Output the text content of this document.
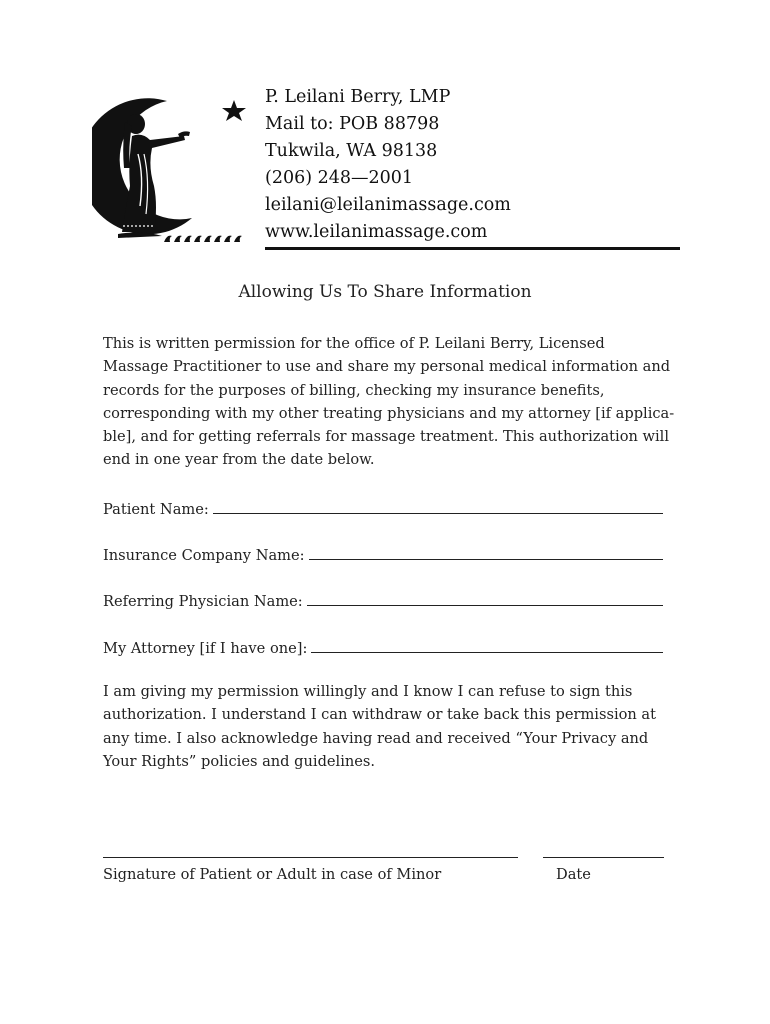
P. Leilani Berry, LMP
Mail to: POB 88798
Tukwila, WA 98138
(206) 248—2001
leilani@leilanimassage.com
www.leilanimassage.com
Allowing Us To Share Information
This is written permission for the office of P. Leilani Berry, Licensed
Massage Practitioner to use and share my personal medical information and
records for the purposes of billing, checking my insurance benefits,
corresponding with my other treating physicians and my attorney [if applica-
ble], and for getting referrals for massage treatment. This authorization will
end in one year from the date below.
Patient Name:
Insurance Company Name:
Referring Physician Name:
My Attorney [if I have one]:
I am giving my permission willingly and I know I can refuse to sign this
authorization. I understand I can withdraw or take back this permission at
any time. I also acknowledge having read and received “Your Privacy and
Your Rights” policies and guidelines.
Signature of Patient or Adult in case of Minor	Date
